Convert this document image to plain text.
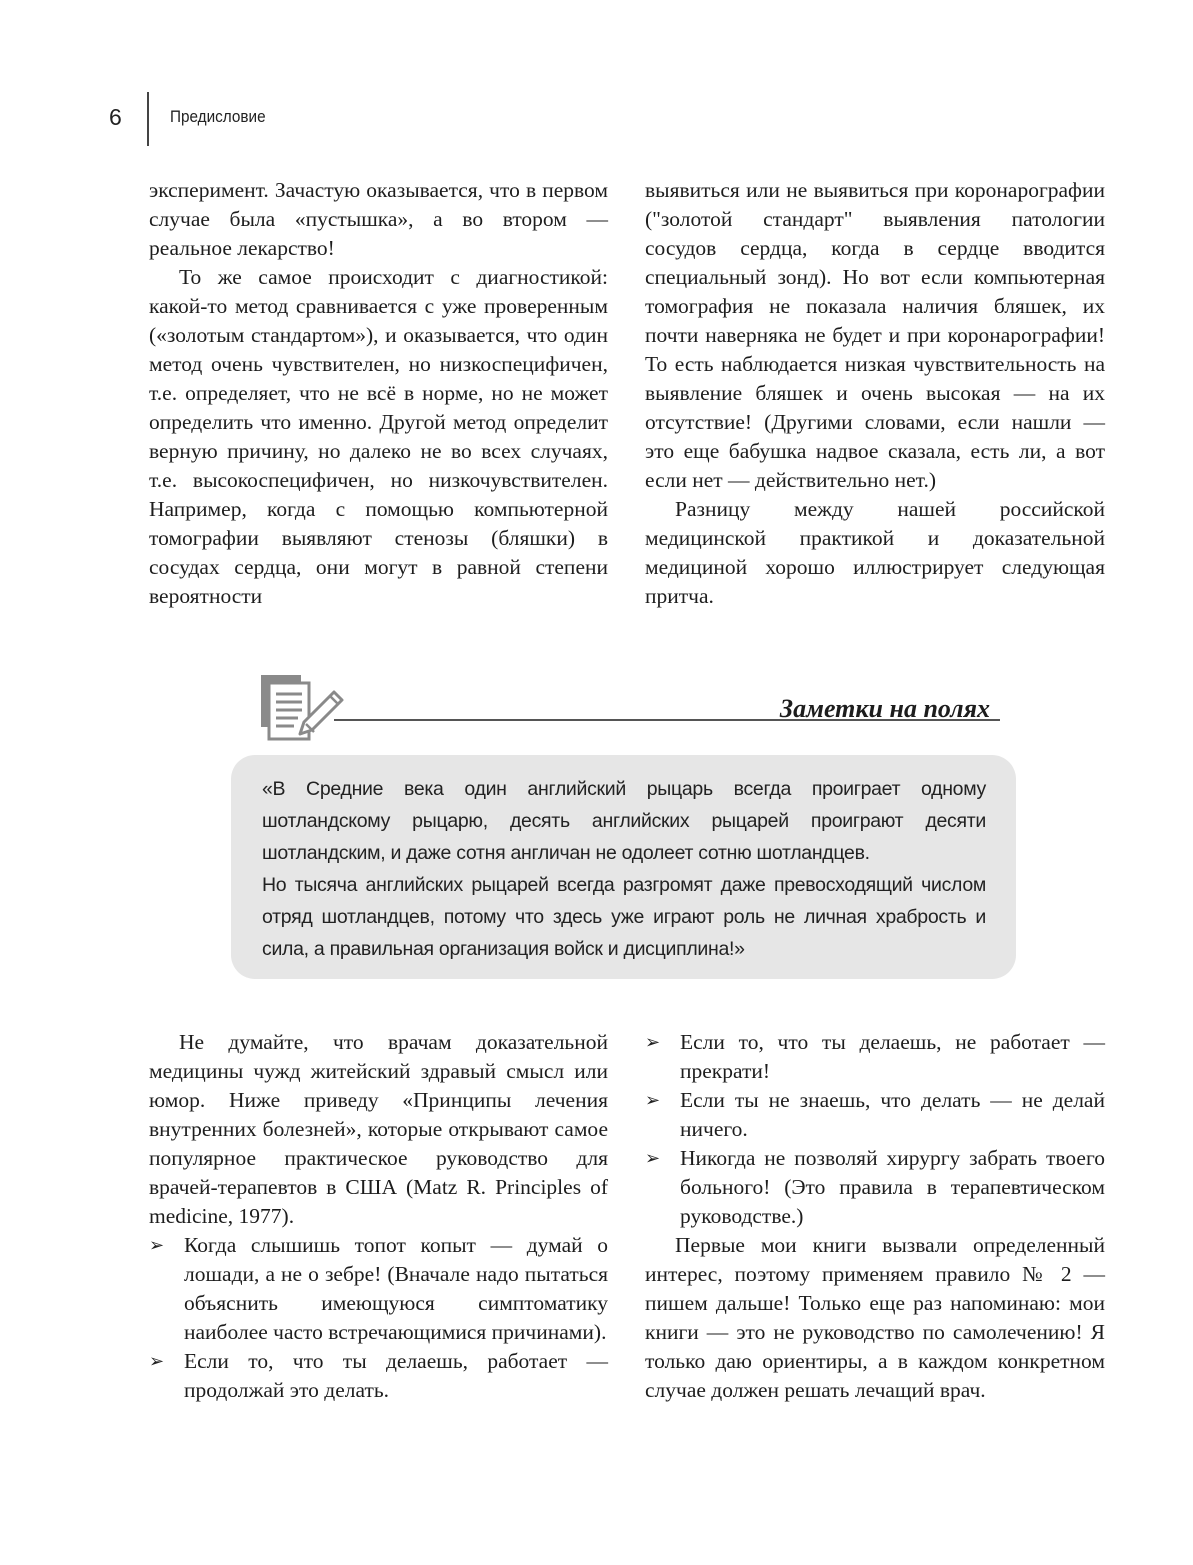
6	Предисловие

эксперимент. Зачастую оказывается, что в первом случае была «пустышка», а во втором — реальное лекарство!

То же самое происходит с диагностикой: какой-то метод сравнивается с уже проверенным («золотым стандартом»), и оказывается, что один метод очень чувствителен, но низкоспецифичен, т.е. определяет, что не всё в норме, но не может определить что именно. Другой метод определит верную причину, но далеко не во всех случаях, т.е. высокоспецифичен, но низкочувствителен. Например, когда с помощью компьютерной томографии выявляют стенозы (бляшки) в сосудах сердца, они могут в равной степени вероятности

выявиться или не выявиться при коронарографии ("золотой стандарт" выявления патологии сосудов сердца, когда в сердце вводится специальный зонд). Но вот если компьютерная томография не показала наличия бляшек, их почти наверняка не будет и при коронарографии! То есть наблюдается низкая чувствительность на выявление бляшек и очень высокая — на их отсутствие! (Другими словами, если нашли — это еще бабушка надвое сказала, есть ли, а вот если нет — действительно нет.)

Разницу между нашей российской медицинской практикой и доказательной медициной хорошо иллюстрирует следующая притча.

Заметки на полях

«В Средние века один английский рыцарь всегда проиграет одному шотландскому рыцарю, десять английских рыцарей проиграют десяти шотландским, и даже сотня англичан не одолеет сотню шотландцев.

Но тысяча английских рыцарей всегда разгромят даже превосходящий числом отряд шотландцев, потому что здесь уже играют роль не личная храбрость и сила, а правильная организация войск и дисциплина!»

Не думайте, что врачам доказательной медицины чужд житейский здравый смысл или юмор. Ниже приведу «Принципы лечения внутренних болезней», которые открывают самое популярное практическое руководство для врачей-терапевтов в США (Matz R. Principles of medicine, 1977).

➢ Когда слышишь топот копыт — думай о лошади, а не о зебре! (Вначале надо пытаться объяснить имеющуюся симптоматику наиболее часто встречающимися причинами).
➢ Если то, что ты делаешь, работает — продолжай это делать.
➢ Если то, что ты делаешь, не работает — прекрати!
➢ Если ты не знаешь, что делать — не делай ничего.
➢ Никогда не позволяй хирургу забрать твоего больного! (Это правила в терапевтическом руководстве.)

Первые мои книги вызвали определенный интерес, поэтому применяем правило № 2 — пишем дальше! Только еще раз напоминаю: мои книги — это не руководство по самолечению! Я только даю ориентиры, а в каждом конкретном случае должен решать лечащий врач.
